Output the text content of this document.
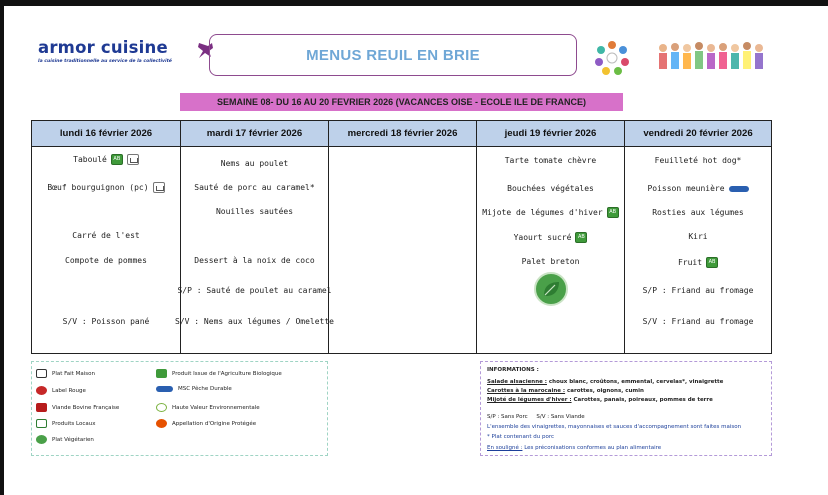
armor cuisine
la cuisine traditionnelle au service de la collectivité	MENUS REUIL EN BRIE
SEMAINE 08- DU 16 AU 20 FEVRIER 2026 (VACANCES OISE - ECOLE ILE DE FRANCE)
lundi 16 février 2026
Taboulé
AB
Bœuf bourguignon (pc)
Carré de l'est
Compote de pommes
S/V : Poisson pané
mardi 17 février 2026
Nems au poulet
Sauté de porc au caramel*
Nouilles sautées
Dessert à la noix de coco
S/P : Sauté de poulet au caramel
S/V : Nems aux légumes / Omelette
mercredi 18 février 2026	jeudi 19 février 2026
Tarte tomate chèvre
Bouchées végétales
Mijote de légumes d'hiver
AB
Yaourt sucré
AB
Palet breton
vendredi 20 février 2026
Feuilleté hot dog*
Poisson meunière
Rosties aux légumes
Kiri
Fruit
AB
S/P : Friand au fromage
S/V : Friand au fromage
Plat Fait Maison
Label Rouge
Viande Bovine Française
Produits Locaux
Plat Végétarien
Produit Issue de l'Agriculture Biologique
MSC Pêche Durable
Haute Valeur Environnementale
Appellation d'Origine Protégée
INFORMATIONS :
Salade alsacienne : choux blanc, croûtons, emmental, cervelas*, vinaigrette
Carottes à la marocaine : carottes, oignons, cumin
Mijoté de légumes d'hiver : Carottes, panais, poireaux, pommes de terre
S/P : Sans Porc     S/V : Sans Viande
L'ensemble des vinaigrettes, mayonnaises et sauces d'accompagnement sont faites maison
* Plat contenant du porc
En souligné : Les préconisations conformes au plan alimentaire
